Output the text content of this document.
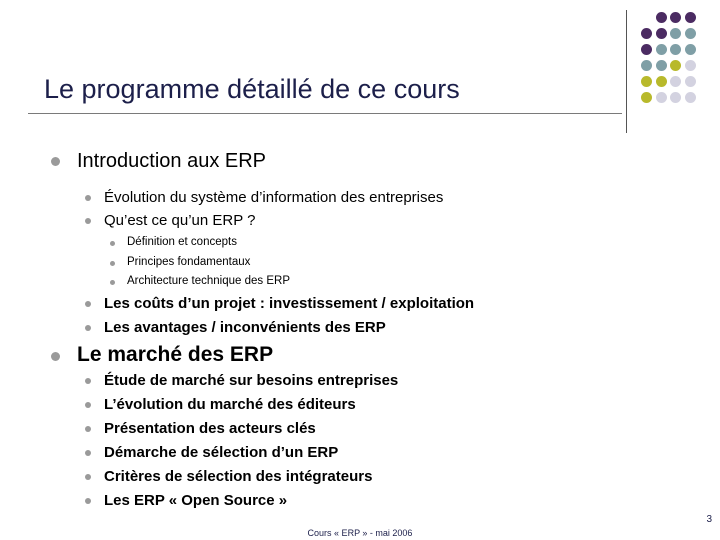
Le programme détaillé de ce cours
Introduction aux ERP
Évolution du système d’information des entreprises
Qu’est ce qu’un ERP ?
Définition et concepts
Principes fondamentaux
Architecture technique des ERP
Les coûts d’un projet : investissement / exploitation
Les avantages / inconvénients des ERP
Le marché des ERP
Étude de marché sur besoins entreprises
L’évolution du marché des éditeurs
Présentation des acteurs clés
Démarche de sélection d’un ERP
Critères de sélection des intégrateurs
Les ERP « Open Source »
3
Cours « ERP » - mai 2006
